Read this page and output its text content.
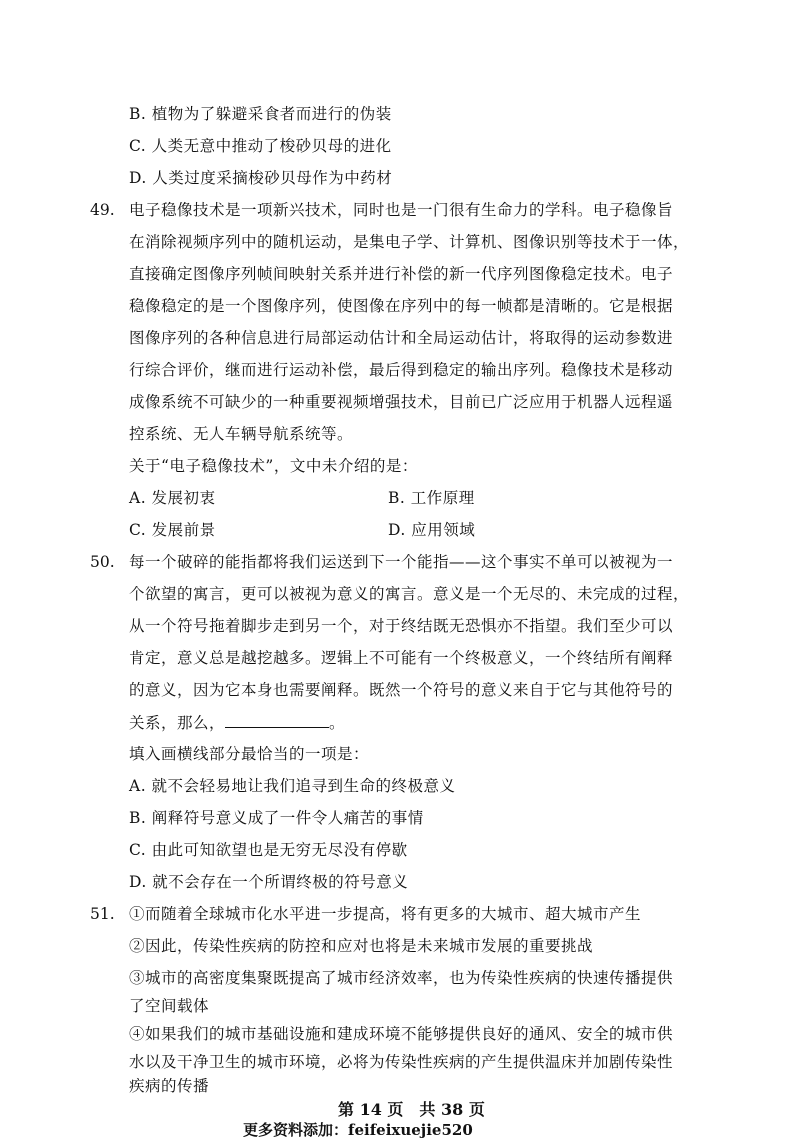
B. 植物为了躲避采食者而进行的伪装
C. 人类无意中推动了梭砂贝母的进化
D. 人类过度采摘梭砂贝母作为中药材
49. 电子稳像技术是一项新兴技术，同时也是一门很有生命力的学科。电子稳像旨
在消除视频序列中的随机运动，是集电子学、计算机、图像识别等技术于一体，
直接确定图像序列帧间映射关系并进行补偿的新一代序列图像稳定技术。电子
稳像稳定的是一个图像序列，使图像在序列中的每一帧都是清晰的。它是根据
图像序列的各种信息进行局部运动估计和全局运动估计，将取得的运动参数进
行综合评价，继而进行运动补偿，最后得到稳定的输出序列。稳像技术是移动
成像系统不可缺少的一种重要视频增强技术，目前已广泛应用于机器人远程遥
控系统、无人车辆导航系统等。
关于“电子稳像技术”，文中未介绍的是：
A. 发展初衷	B. 工作原理
C. 发展前景	D. 应用领域
50. 每一个破碎的能指都将我们运送到下一个能指——这个事实不单可以被视为一
个欲望的寓言，更可以被视为意义的寓言。意义是一个无尽的、未完成的过程，
从一个符号拖着脚步走到另一个，对于终结既无恐惧亦不指望。我们至少可以
肯定，意义总是越挖越多。逻辑上不可能有一个终极意义，一个终结所有阐释
的意义，因为它本身也需要阐释。既然一个符号的意义来自于它与其他符号的
关系，那么，	。
填入画横线部分最恰当的一项是：
A. 就不会轻易地让我们追寻到生命的终极意义
B. 阐释符号意义成了一件令人痛苦的事情
C. 由此可知欲望也是无穷无尽没有停歇
D. 就不会存在一个所谓终极的符号意义
51. ①而随着全球城市化水平进一步提高，将有更多的大城市、超大城市产生
②因此，传染性疾病的防控和应对也将是未来城市发展的重要挑战
③城市的高密度集聚既提高了城市经济效率，也为传染性疾病的快速传播提供
了空间载体
④如果我们的城市基础设施和建成环境不能够提供良好的通风、安全的城市供
水以及干净卫生的城市环境，必将为传染性疾病的产生提供温床并加剧传染性
疾病的传播
第 14 页　共 38 页
更多资料添加：feifeixuejie520
